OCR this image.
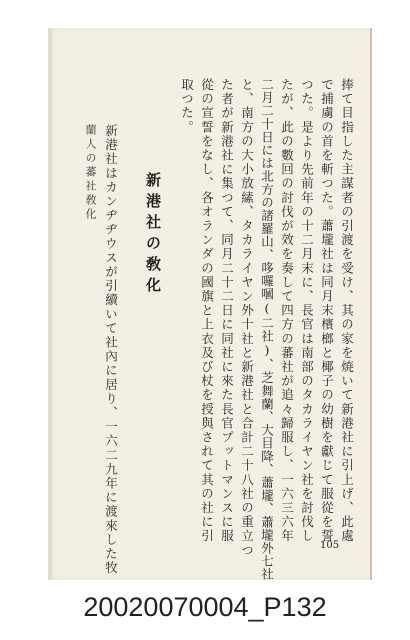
捧て目指した主謀者の引渡を受け、其の家を焼いて新港社に引上げ、此處
で捕虜の首を斬つた。蕭壠社は同月末檳榔と椰子の幼樹を獻じて服從を誓
つた。是より先前年の十二月末に、長官は南部のタカライヤン社を討伐し
たが、此の數回の討伐が效を奏して四方の蕃社が追々歸服し、一六三六年
二月二十日には北方の諸羅山、哆囉嘓(二社)、芝舞蘭、大目降、蕭壠、蕭壠外七社
と、南方の大小放縤、タカライヤン外十社と新港社と合計二十八社の重立つ
た者が新港社に集つて、同月二十二日に同社に來た長官プットマンスに服
從の宣誓をなし、各オランダの國旗と上衣及び杖を授與されて其の社に引
取つた。
新港社の敎化
新港社はカンヂヂウスが引續いて社內に居り、一六二九年に渡來した牧
蘭人の蕃社敎化
105
20020070004_P132
